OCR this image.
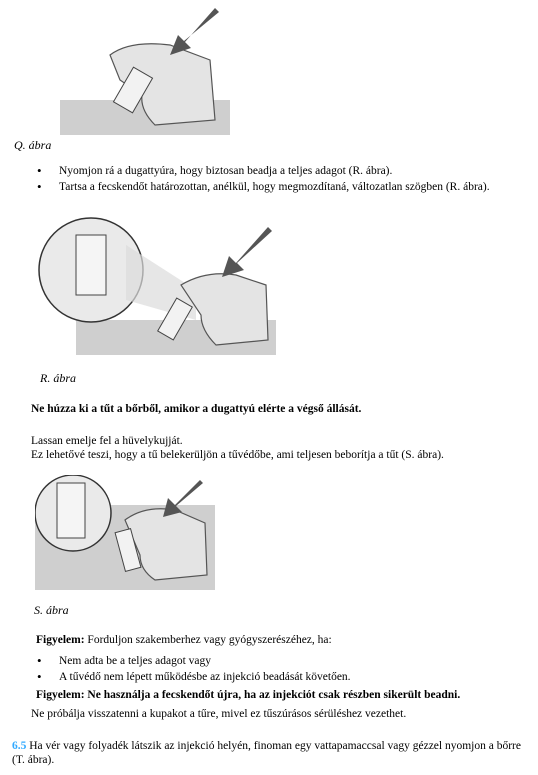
Q. ábra
• Nyomjon rá a dugattyúra, hogy biztosan beadja a teljes adagot (R. ábra).
• Tartsa a fecskendőt határozottan, anélkül, hogy megmozdítaná, változatlan szögben (R. ábra).
R. ábra
Ne húzza ki a tűt a bőrből, amikor a dugattyú elérte a végső állását.
Lassan emelje fel a hüvelykujját.
Ez lehetővé teszi, hogy a tű belekerüljön a tűvédőbe, ami teljesen beborítja a tűt (S. ábra).
S. ábra
Figyelem: Forduljon szakemberhez vagy gyógyszerészéhez, ha:
• Nem adta be a teljes adagot vagy
• A tűvédő nem lépett működésbe az injekció beadását követően.
Figyelem: Ne használja a fecskendőt újra, ha az injekciót csak részben sikerült beadni.
Ne próbálja visszatenni a kupakot a tűre, mivel ez tűszúrásos sérüléshez vezethet.
6.5 Ha vér vagy folyadék látszik az injekció helyén, finoman egy vattapamaccsal vagy gézzel nyomjon a bőrre (T. ábra).
